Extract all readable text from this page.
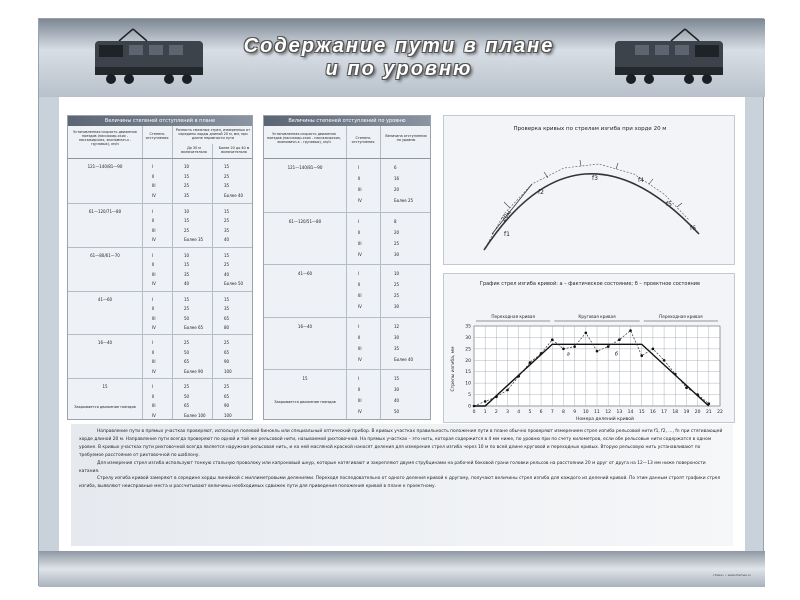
Содержание пути в плане
и по уровню
Величины степеней отступлений в плане
Установленная скорость движения поездов (пассажир-ских - пассажирских, экономичн-х - грузовых), км/ч
Степень отступления
Разность смежных стрел, измеренных от середины хорды длиной 20 м, мм, при длине неровности пути
До 30 м включительно
Более 20 до 40 м включительно
121—140/81—90	I	10	15
II	15	25
III	25	35
IV	35	Более 40
61—120/71—80	I	10	15
II	15	25
III	25	35
IV	Более 35	40
61—80/61—70	I	10	15
II	15	25
III	35	40
IV	40	Более 50
41—60	I	15	15
II	25	35
III	50	65
IV	Более 65	80
16—40	I	25	25
II	50	65
III	65	90
IV	Более 90	100
15
Закрывается движение поездов
I	25	25
II	50	65
III	65	90
IV	Более 100	100
Величины степеней отступлений по уровню
Установленная скорость движения поездов (пассажир-ских - пассажирских, экономичн-х - грузовых), км/ч
Степень отступления
Величина отступления по уровню
121—140/81—90	I	6
II	16
III	20
IV	Более 25
61—120/51—80	I	8
II	20
III	25
IV	30
41—60	I	10
II	25
III	25
IV	30
16—40	I	12
II	30
III	35
IV	Более 40
15
Закрывается движение поездов
I	15
II	30
III	40
IV	50
Проверка кривых по стрелам изгиба при хорде 20 м
f1
f2
f3	f4
f5
f6
20м
График стрел изгиба кривой: а – фактическое состояние; б – проектное состояние
Переходная кривая	Круговая кривая	Переходная кривая
а	б
0 1 2 3 4 5 6 7 8 9 10 11 12 13 14 15 16 17 18 19 20 21 22
0
5
10
15
20
25
30
35
Номера делений кривой
Стрелы изгиба, мм

Направление пути в прямых участках проверяют, используя полевой бинокль или специальный оптический прибор. В кривых участках правильность положения пути в плане обычно проверяют измерением стрел изгиба рельсовой нити f1, f2, ..., fn при стягивающей хорде длиной 20 м. Направление пути всегда проверяют по одной и той же рельсовой нити, называемой рихтовочной. На прямых участках – это нить, которая содержится в 4 мм ниже, по уровню при по счету километров, если обе рельсовые нити содержатся в одном уровне. В кривых участках пути рихтовочной всегда является наружная рельсовая нить, и на ней масляной краской наносят деления для измерения стрел изгиба через 10 м по всей длине круговой и переходных кривых. Вторую рельсовую нить устанавливают по требуемое расстояние от рихтовочной по шаблону.

Для измерения стрел изгиба используют тонкую стальную проволоку или капроновый шнур, которые натягивают и закрепляют двумя струбцинами на рабочей боковой грани головки рельсов на расстоянии 20 м друг от друга на 12—13 мм ниже поверхности катания.

Стрелу изгиба кривой замеряют в середине хорды линейкой с миллиметровыми делениями. Переходя последовательно от одного деления кривой к другому, получают величины стрел изгиба для каждого из делений кривой. По этим данным строят графики стрел изгиба, выявляют неисправные места и рассчитывают величины необходимых сдвижек пути для приведения положения кривой в плане к проектному.

«Тема» • www.themes.ru
